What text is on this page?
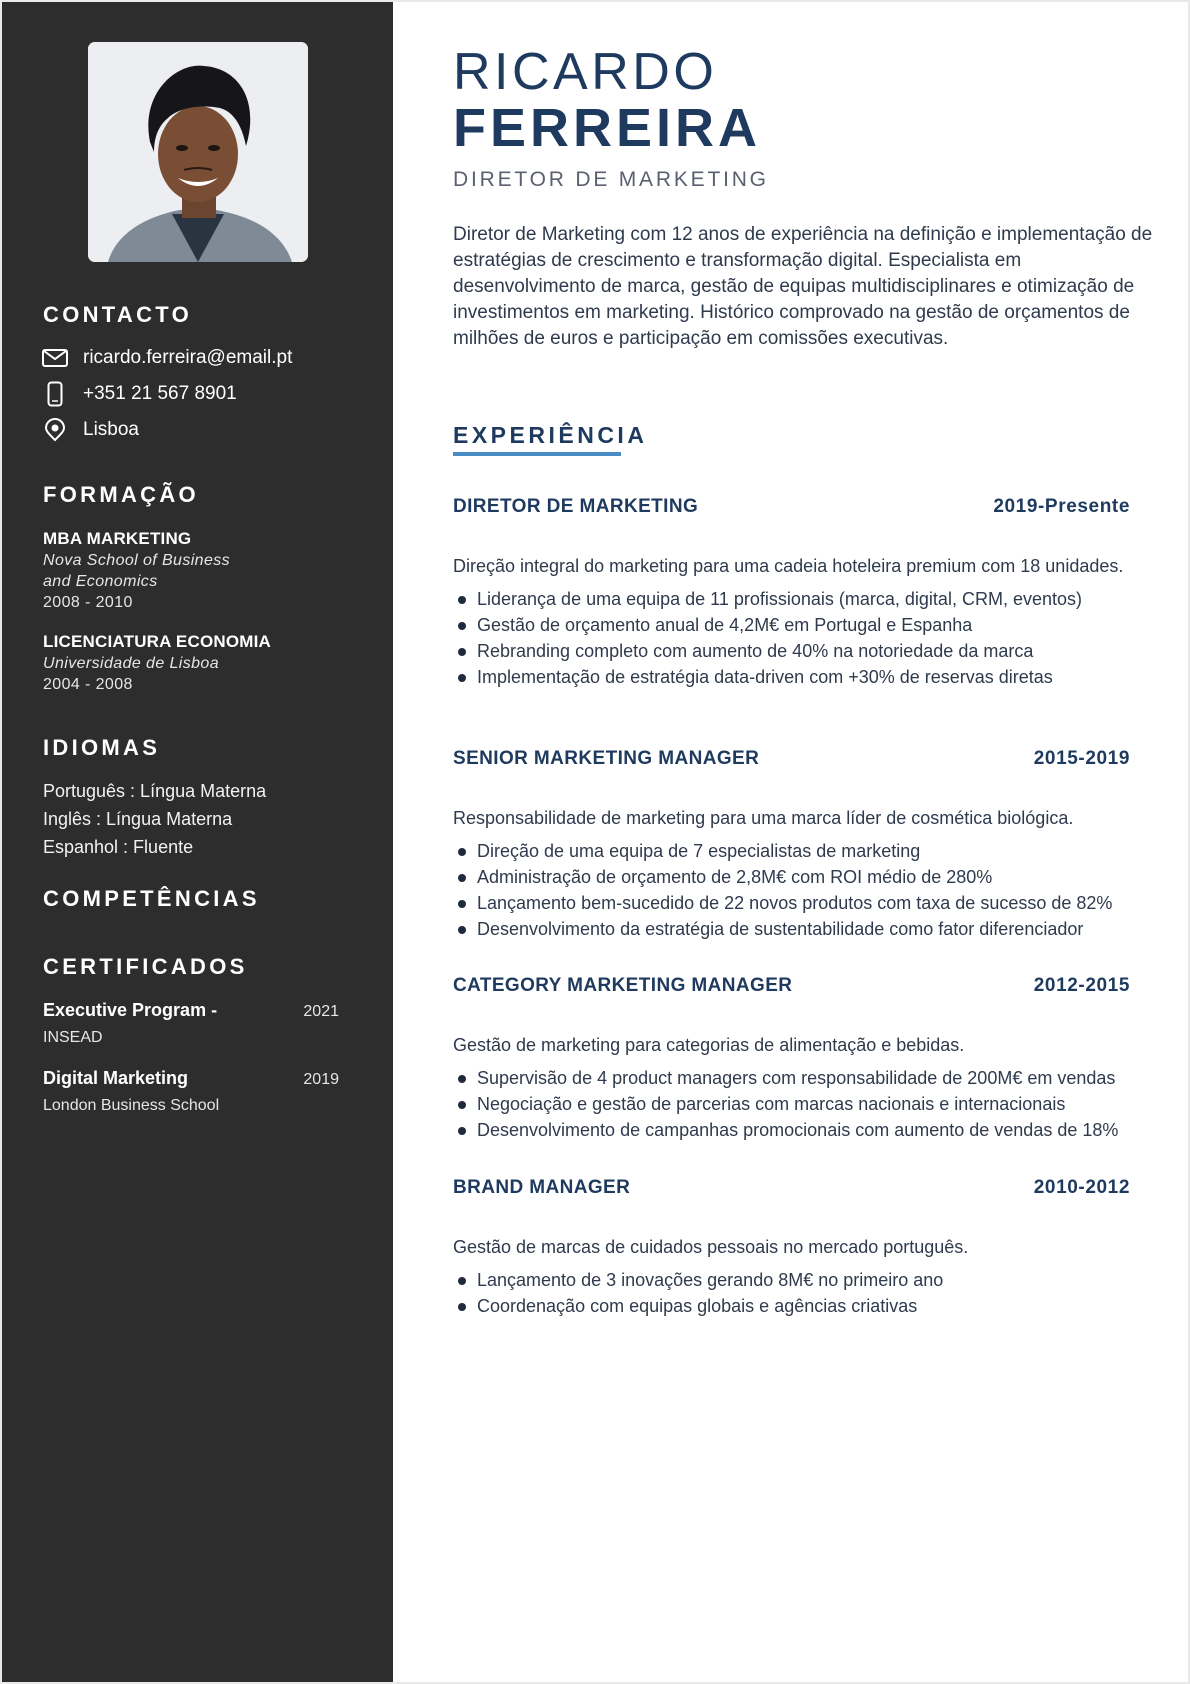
CONTACTO
ricardo.ferreira@email.pt
+351 21 567 8901
Lisboa
FORMAÇÃO
MBA MARKETING
Nova School of Business
and Economics
2008 - 2010
LICENCIATURA ECONOMIA
Universidade de Lisboa
2004 - 2008
IDIOMAS
Português : Língua Materna
Inglês : Língua Materna
Espanhol : Fluente
COMPETÊNCIAS
CERTIFICADOS
Executive Program -	2021
INSEAD
Digital Marketing	2019
London Business School
RICARDO
FERREIRA
DIRETOR DE MARKETING

Diretor de Marketing com 12 anos de experiência na definição e implementação de estratégias de crescimento e transformação digital. Especialista em desenvolvimento de marca, gestão de equipas multidisciplinares e otimização de investimentos em marketing. Histórico comprovado na gestão de orçamentos de milhões de euros e participação em comissões executivas.

EXPERIÊNCIA
DIRETOR DE MARKETING	2019-Presente

Direção integral do marketing para uma cadeia hoteleira premium com 18 unidades.

Liderança de uma equipa de 11 profissionais (marca, digital, CRM, eventos)
Gestão de orçamento anual de 4,2M€ em Portugal e Espanha
Rebranding completo com aumento de 40% na notoriedade da marca
Implementação de estratégia data-driven com +30% de reservas diretas
SENIOR MARKETING MANAGER	2015-2019

Responsabilidade de marketing para uma marca líder de cosmética biológica.

Direção de uma equipa de 7 especialistas de marketing
Administração de orçamento de 2,8M€ com ROI médio de 280%
Lançamento bem-sucedido de 22 novos produtos com taxa de sucesso de 82%
Desenvolvimento da estratégia de sustentabilidade como fator diferenciador
CATEGORY MARKETING MANAGER	2012-2015

Gestão de marketing para categorias de alimentação e bebidas.

Supervisão de 4 product managers com responsabilidade de 200M€ em vendas
Negociação e gestão de parcerias com marcas nacionais e internacionais
Desenvolvimento de campanhas promocionais com aumento de vendas de 18%
BRAND MANAGER	2010-2012

Gestão de marcas de cuidados pessoais no mercado português.

Lançamento de 3 inovações gerando 8M€ no primeiro ano
Coordenação com equipas globais e agências criativas
